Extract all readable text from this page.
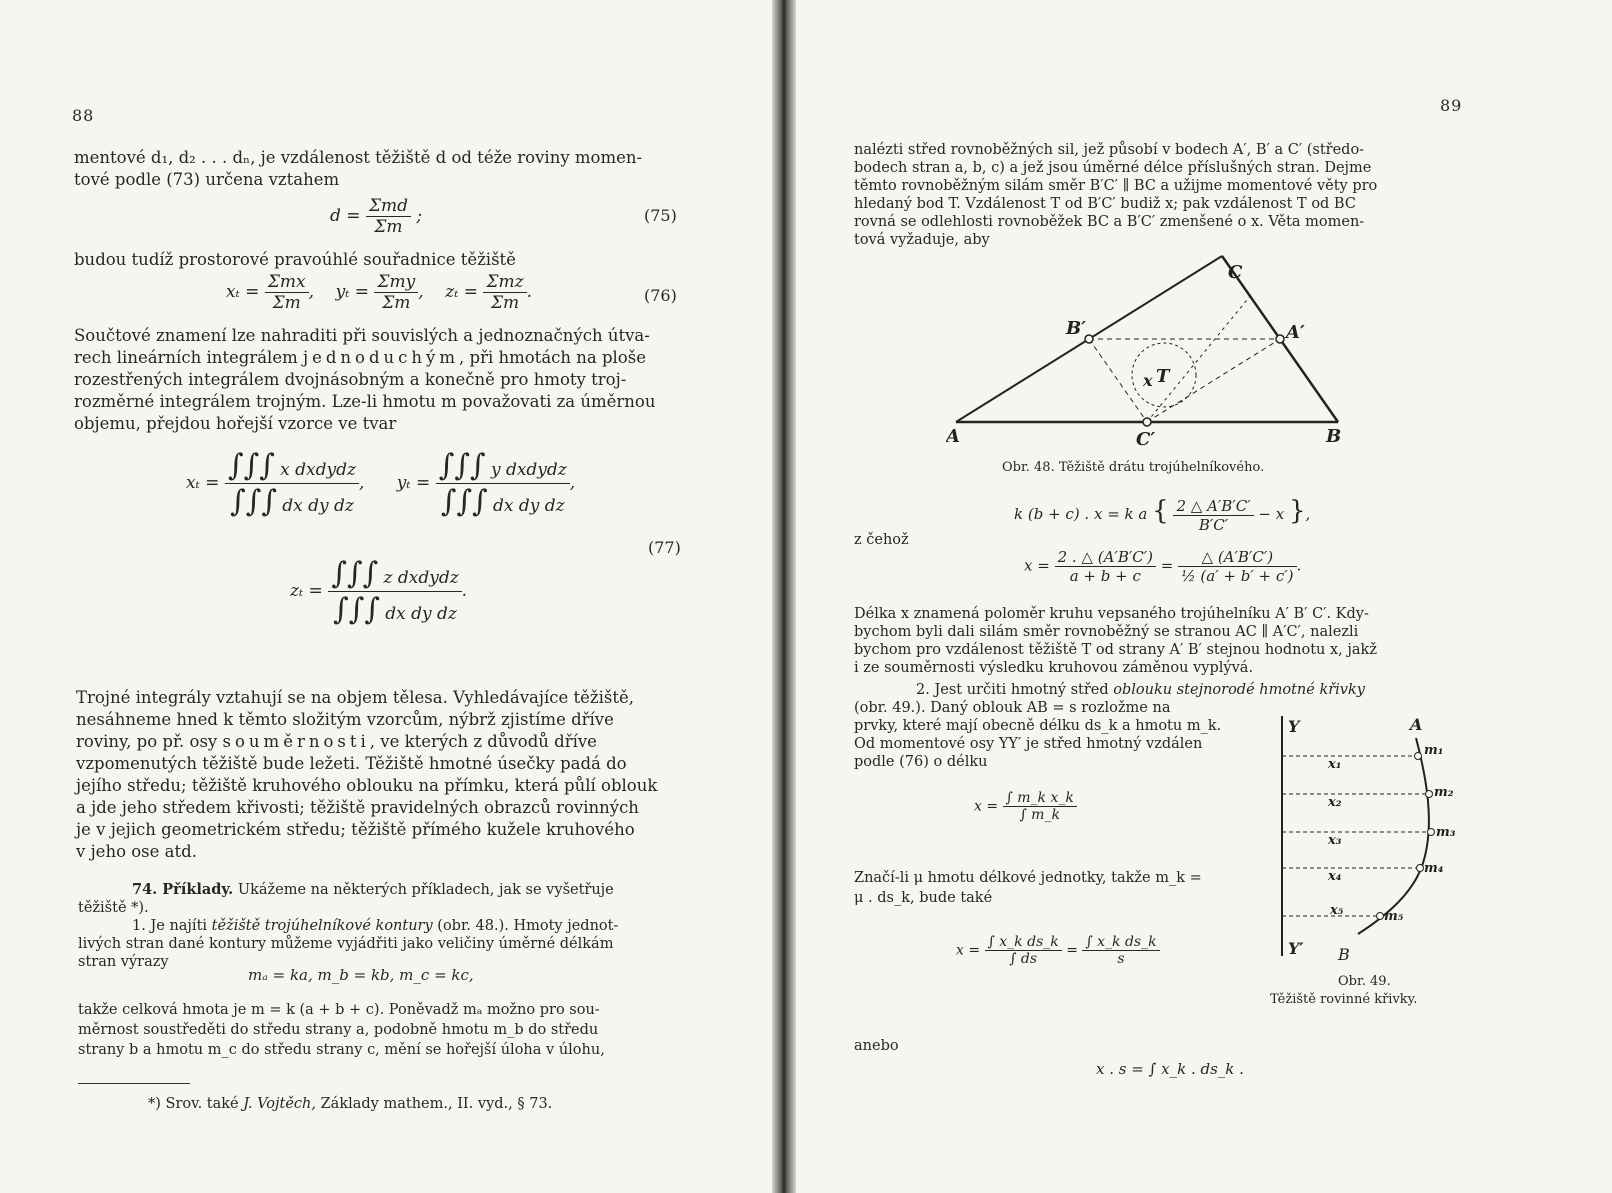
88
mentové d₁, d₂ . . . dₙ, je vzdálenost těžiště d od téže roviny momen-
tové podle (73) určena vztahem
$d = \frac{\text{Σmd}}{\Sigma m}$ ;	(75)
budou tudíž prostorové pravoúhlé souřadnice těžiště
$x_t = \frac{\text{Σmx}}{\Sigma m}$ , $y_t = \frac{\text{Σmy}}{\Sigma m}$ , $z_t = \frac{\text{Σmz}}{\Sigma m}$ .	(76)
Součtové znamení lze nahraditi při souvislých a jednoznačných útva-
rech lineárních integrálem jednoduchým, při hmotách na ploše
rozestřených integrálem dvojnásobným a konečně pro hmoty troj-
rozměrné integrálem trojným. Lze-li hmotu m považovati za úměrnou
objemu, přejdou hořejší vzorce ve tvar
$x_t = \frac{\text{∫∫∫ x dxdydz}}{\text{∫∫∫ dx dy dz}}$ , $y_t = \frac{\text{∫∫∫ y dxdydz}}{\text{∫∫∫ dx dy dz}}$ ,
(77)
$z_t = \frac{\text{∫∫∫ z dxdydz}}{\text{∫∫∫ dx dy dz}}$ .
Trojné integrály vztahují se na objem tělesa. Vyhledávajíce těžiště,
nesáhneme hned k těmto složitým vzorcům, nýbrž zjistíme dříve
roviny, po př. osy souměrnosti, ve kterých z důvodů dříve
vzpomenutých těžiště bude ležeti. Těžiště hmotné úsečky padá do
jejího středu; těžiště kruhového oblouku na přímku, která půlí oblouk
a jde jeho středem křivosti; těžiště pravidelných obrazců rovinných
je v jejich geometrickém středu; těžiště přímého kužele kruhového
v jeho ose atd.
74. Příklady. Ukážeme na některých příkladech, jak se vyšetřuje
těžiště *).
1. Je najíti těžiště trojúhelníkové kontury (obr. 48.). Hmoty jednot-
livých stran dané kontury můžeme vyjádřiti jako veličiny úměrné délkám
stran výrazy
mₐ = ka, m_b = kb, m_c = kc,
takže celková hmota je m = k (a + b + c). Poněvadž mₐ možno pro sou-
měrnost soustředěti do středu strany a, podobně hmotu m_b do středu
strany b a hmotu m_c do středu strany c, mění se hořejší úloha v úlohu,
*) Srov. také J. Vojtěch, Základy mathem., II. vyd., § 73.
89
nalézti střed rovnoběžných sil, jež působí v bodech A′, B′ a C′ (středo-
bodech stran a, b, c) a jež jsou úměrné délce příslušných stran. Dejme
těmto rovnoběžným silám směr B′C′ ∥ BC a užijme momentové věty pro
hledaný bod T. Vzdálenost T od B′C′ budiž x; pak vzdálenost T od BC
rovná se odlehlosti rovnoběžek BC a B′C′ zmenšené o x. Věta momen-
tová vyžaduje, aby
A	B
C
B′	A′
C′
x T
Obr. 48. Těžiště drátu trojúhelníkového.
k (b + c) . x = k a { $\frac{2 \triangle A'B'C'}{B'C'} - x$ },
z čehož
$x = \frac{2 . \triangle (A'B'C')}{a + b + c} = \frac{\triangle (A'B'C')}{\text{½ (a′ + b′ + c′)}}$ .
Délka x znamená poloměr kruhu vepsaného trojúhelníku A′ B′ C′. Kdy-
bychom byli dali silám směr rovnoběžný se stranou AC ∥ A′C′, nalezli
bychom pro vzdálenost těžiště T od strany A′ B′ stejnou hodnotu x, jakž
i ze souměrnosti výsledku kruhovou záměnou vyplývá.
2. Jest určiti hmotný střed oblouku stejnorodé hmotné křivky
(obr. 49.). Daný oblouk AB = s rozložme na
prvky, které mají obecně délku ds_k a hmotu m_k.
Od momentové osy YY′ je střed hmotný vzdálen
podle (76) o délku
$x = \frac{\text{∫ m\_k x\_k}}{\int m\_k}$
Značí-li μ hmotu délkové jednotky, takže m_k =
μ . ds_k, bude také
$x = \frac{\text{∫ x\_k ds\_k}}{\int ds} = \frac{\text{∫ x\_k ds\_k}}{s}$
anebo
x . s = ∫ x_k . ds_k .
Y
Y′
A
B
m₁
m₂
m₃
m₄
m₅
x₁
x₂
x₃
x₄
x₅
Obr. 49.
Těžiště rovinné křivky.
